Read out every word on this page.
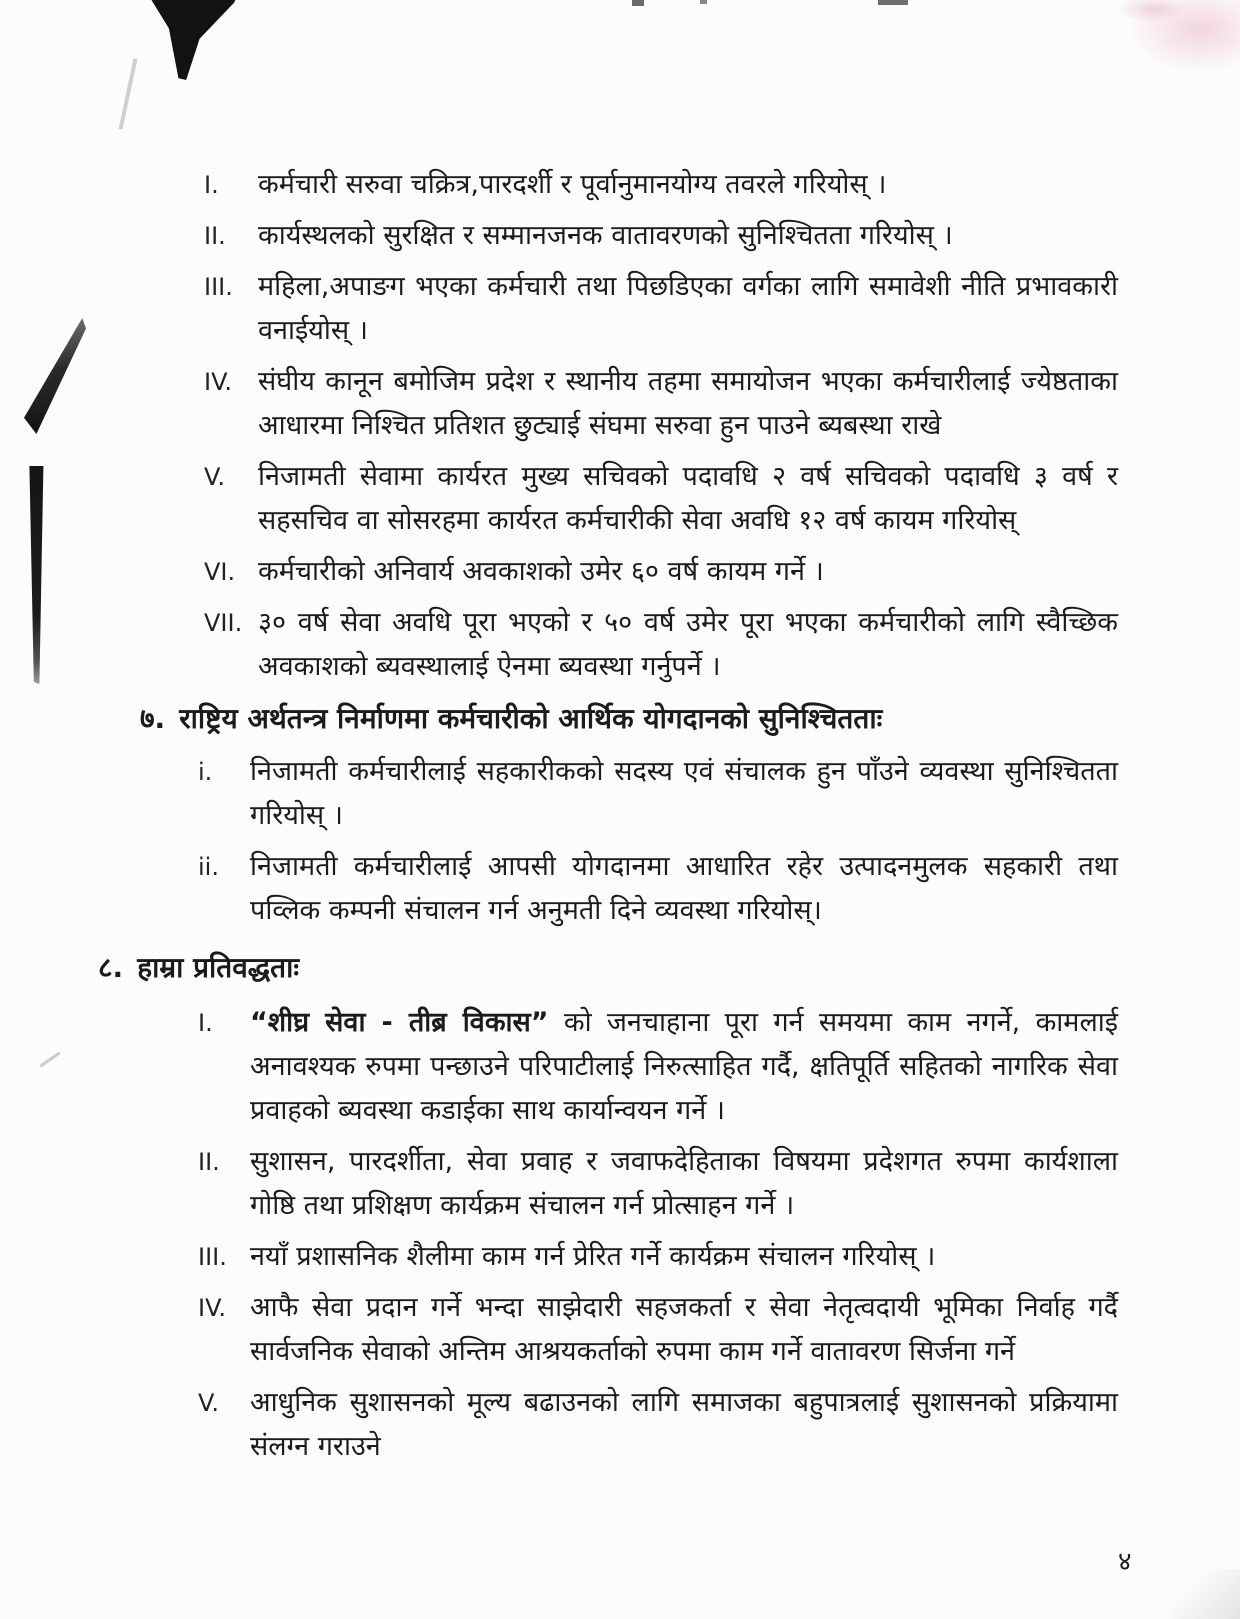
I.	कर्मचारी सरुवा चक्रित्र,पारदर्शी र पूर्वानुमानयोग्य तवरले गरियोस् ।
II.	कार्यस्थलको सुरक्षित र सम्मानजनक वातावरणको सुनिश्चितता गरियोस् ।
III. महिला,अपाङग भएका कर्मचारी तथा पिछडिएका वर्गका लागि समावेशी नीति प्रभावकारी वनाईयोस् ।
IV. संघीय कानून बमोजिम प्रदेश र स्थानीय तहमा समायोजन भएका कर्मचारीलाई ज्येष्ठताका आधारमा निश्चित प्रतिशत छुट्याई संघमा सरुवा हुन पाउने ब्यबस्था राखे
V.	निजामती सेवामा कार्यरत मुख्य सचिवको पदावधि २ वर्ष सचिवको पदावधि ३ वर्ष र सहसचिव वा सोसरहमा कार्यरत कर्मचारीकी सेवा अवधि १२ वर्ष कायम गरियोस्
VI. कर्मचारीको अनिवार्य अवकाशको उमेर ६० वर्ष कायम गर्ने ।
VII. ३० वर्ष सेवा अवधि पूरा भएको र ५० वर्ष उमेर पूरा भएका कर्मचारीको लागि स्वैच्छिक अवकाशको ब्यवस्थालाई ऐनमा ब्यवस्था गर्नुपर्ने ।
७. राष्ट्रिय अर्थतन्त्र निर्माणमा कर्मचारीको आर्थिक योगदानको सुनिश्चितताः
i.	निजामती कर्मचारीलाई सहकारीकको सदस्य एवं संचालक हुन पाँउने व्यवस्था सुनिश्चितता गरियोस् ।
ii.	निजामती कर्मचारीलाई आपसी योगदानमा आधारित रहेर उत्पादनमुलक सहकारी तथा पव्लिक कम्पनी संचालन गर्न अनुमती दिने व्यवस्था गरियोस्।
८. हाम्रा प्रतिवद्धताः
I.	“शीघ्र सेवा - तीब्र विकास” को जनचाहाना पूरा गर्न समयमा काम नगर्ने, कामलाई अनावश्यक रुपमा पन्छाउने परिपाटीलाई निरुत्साहित गर्दै, क्षतिपूर्ति सहितको नागरिक सेवा प्रवाहको ब्यवस्था कडाईका साथ कार्यान्वयन गर्ने ।
II.	सुशासन, पारदर्शीता, सेवा प्रवाह र जवाफदेहिताका विषयमा प्रदेशगत रुपमा कार्यशाला गोष्ठि तथा प्रशिक्षण कार्यक्रम संचालन गर्न प्रोत्साहन गर्ने ।
III. नयाँ प्रशासनिक शैलीमा काम गर्न प्रेरित गर्ने कार्यक्रम संचालन गरियोस् ।
IV. आफै सेवा प्रदान गर्ने भन्दा साझेदारी सहजकर्ता र सेवा नेतृत्वदायी भूमिका निर्वाह गर्दै सार्वजनिक सेवाको अन्तिम आश्रयकर्ताको रुपमा काम गर्ने वातावरण सिर्जना गर्ने
V.	आधुनिक सुशासनको मूल्य बढाउनको लागि समाजका बहुपात्रलाई सुशासनको प्रक्रियामा संलग्न गराउने
४
